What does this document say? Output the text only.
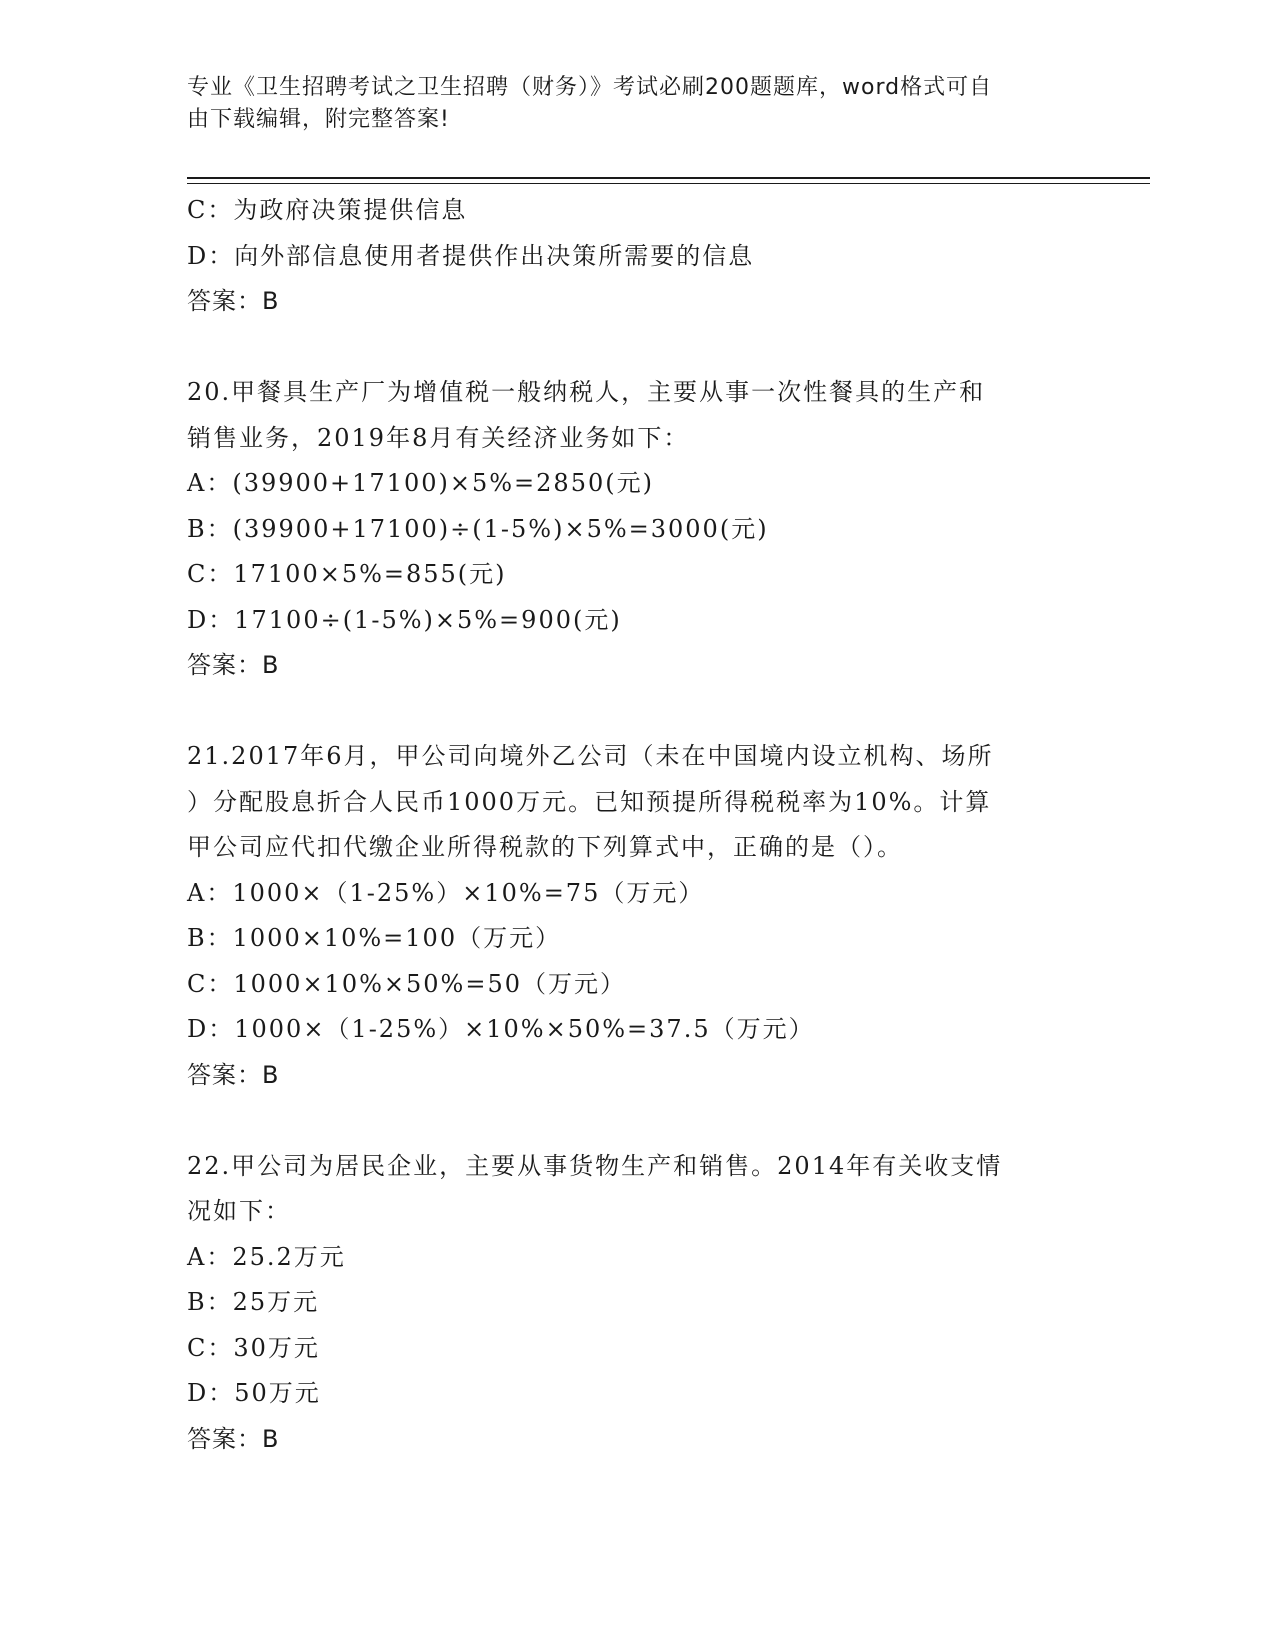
专业《卫生招聘考试之卫生招聘（财务）》考试必刷200题题库，word格式可自
由下载编辑，附完整答案!
C：为政府决策提供信息
D：向外部信息使用者提供作出决策所需要的信息
答案：B
20.甲餐具生产厂为增值税一般纳税人，主要从事一次性餐具的生产和
销售业务，2019年8月有关经济业务如下：
A：(39900+17100)×5%=2850(元)
B：(39900+17100)÷(1-5%)×5%=3000(元)
C：17100×5%=855(元)
D：17100÷(1-5%)×5%=900(元)
答案：B
21.2017年6月，甲公司向境外乙公司（未在中国境内设立机构、场所
）分配股息折合人民币1000万元。已知预提所得税税率为10%。计算
甲公司应代扣代缴企业所得税款的下列算式中，正确的是（）。
A：1000×（1-25%）×10%=75（万元）
B：1000×10%=100（万元）
C：1000×10%×50%=50（万元）
D：1000×（1-25%）×10%×50%=37.5（万元）
答案：B
22.甲公司为居民企业，主要从事货物生产和销售。2014年有关收支情
况如下：
A：25.2万元
B：25万元
C：30万元
D：50万元
答案：B
